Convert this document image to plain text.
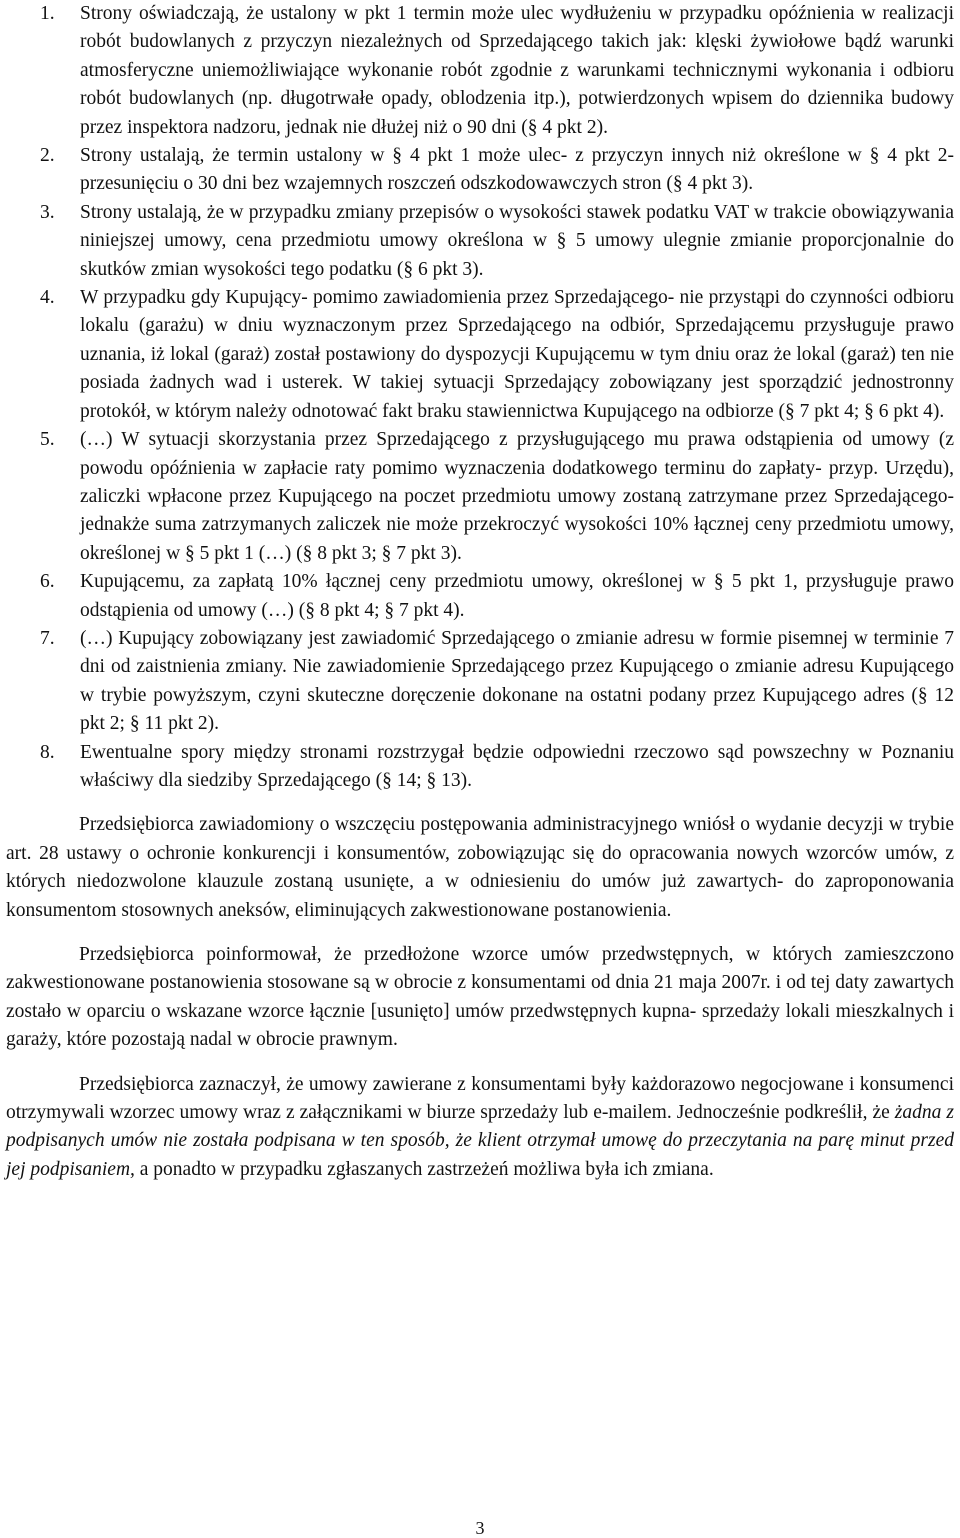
1. Strony oświadczają, że ustalony w pkt 1 termin może ulec wydłużeniu w przypadku opóźnienia w realizacji robót budowlanych z przyczyn niezależnych od Sprzedającego takich jak: klęski żywiołowe bądź warunki atmosferyczne uniemożliwiające wykonanie robót zgodnie z warunkami technicznymi wykonania i odbioru robót budowlanych (np. długotrwałe opady, oblodzenia itp.), potwierdzonych wpisem do dziennika budowy przez inspektora nadzoru, jednak nie dłużej niż o 90 dni (§ 4 pkt 2).
2. Strony ustalają, że termin ustalony w § 4 pkt 1 może ulec- z przyczyn innych niż określone w § 4 pkt 2- przesunięciu o 30 dni bez wzajemnych roszczeń odszkodowawczych stron (§ 4 pkt 3).
3. Strony ustalają, że w przypadku zmiany przepisów o wysokości stawek podatku VAT w trakcie obowiązywania niniejszej umowy, cena przedmiotu umowy określona w § 5 umowy ulegnie zmianie proporcjonalnie do skutków zmian wysokości tego podatku (§ 6 pkt 3).
4. W przypadku gdy Kupujący- pomimo zawiadomienia przez Sprzedającego- nie przystąpi do czynności odbioru lokalu (garażu) w dniu wyznaczonym przez Sprzedającego na odbiór, Sprzedającemu przysługuje prawo uznania, iż lokal (garaż) został postawiony do dyspozycji Kupującemu w tym dniu oraz że lokal (garaż) ten nie posiada żadnych wad i usterek. W takiej sytuacji Sprzedający zobowiązany jest sporządzić jednostronny protokół, w którym należy odnotować fakt braku stawiennictwa Kupującego na odbiorze (§ 7 pkt 4; § 6 pkt 4).
5. (…) W sytuacji skorzystania przez Sprzedającego z przysługującego mu prawa odstąpienia od umowy (z powodu opóźnienia w zapłacie raty pomimo wyznaczenia dodatkowego terminu do zapłaty- przyp. Urzędu), zaliczki wpłacone przez Kupującego na poczet przedmiotu umowy zostaną zatrzymane przez Sprzedającego- jednakże suma zatrzymanych zaliczek nie może przekroczyć wysokości 10% łącznej ceny przedmiotu umowy, określonej w § 5 pkt 1 (…) (§ 8 pkt 3; § 7 pkt 3).
6. Kupującemu, za zapłatą 10% łącznej ceny przedmiotu umowy, określonej w § 5 pkt 1, przysługuje prawo odstąpienia od umowy (…) (§ 8 pkt 4; § 7 pkt 4).
7. (…) Kupujący zobowiązany jest zawiadomić Sprzedającego o zmianie adresu w formie pisemnej w terminie 7 dni od zaistnienia zmiany. Nie zawiadomienie Sprzedającego przez Kupującego o zmianie adresu Kupującego w trybie powyższym, czyni skuteczne doręczenie dokonane na ostatni podany przez Kupującego adres (§ 12 pkt 2; § 11 pkt 2).
8. Ewentualne spory między stronami rozstrzygał będzie odpowiedni rzeczowo sąd powszechny w Poznaniu właściwy dla siedziby Sprzedającego (§ 14; § 13).

Przedsiębiorca zawiadomiony o wszczęciu postępowania administracyjnego wniósł o wydanie decyzji w trybie art. 28 ustawy o ochronie konkurencji i konsumentów, zobowiązując się do opracowania nowych wzorców umów, z których niedozwolone klauzule zostaną usunięte, a w odniesieniu do umów już zawartych- do zaproponowania konsumentom stosownych aneksów, eliminujących zakwestionowane postanowienia.

Przedsiębiorca poinformował, że przedłożone wzorce umów przedwstępnych, w których zamieszczono zakwestionowane postanowienia stosowane są w obrocie z konsumentami od dnia 21 maja 2007r. i od tej daty zawartych zostało w oparciu o wskazane wzorce łącznie [usunięto] umów przedwstępnych kupna- sprzedaży lokali mieszkalnych i garaży, które pozostają nadal w obrocie prawnym.

Przedsiębiorca zaznaczył, że umowy zawierane z konsumentami były każdorazowo negocjowane i konsumenci otrzymywali wzorzec umowy wraz z załącznikami w biurze sprzedaży lub e-mailem. Jednocześnie podkreślił, że żadna z podpisanych umów nie została podpisana w ten sposób, że klient otrzymał umowę do przeczytania na parę minut przed jej podpisaniem, a ponadto w przypadku zgłaszanych zastrzeżeń możliwa była ich zmiana.

3
